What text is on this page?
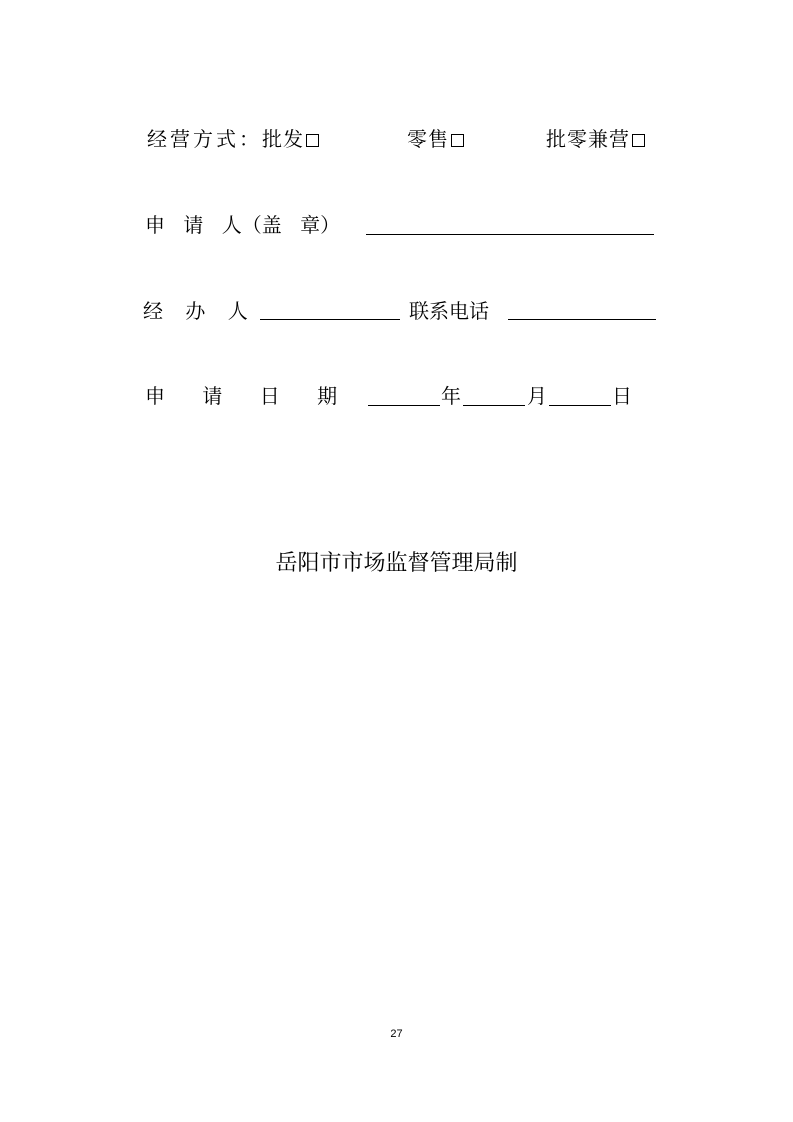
经营方式： 批发	零售	批零兼营
申 请 人（盖 章）
经 办 人	联系电话
申 请 日 期	年	月	日
岳阳市市场监督管理局制
27
